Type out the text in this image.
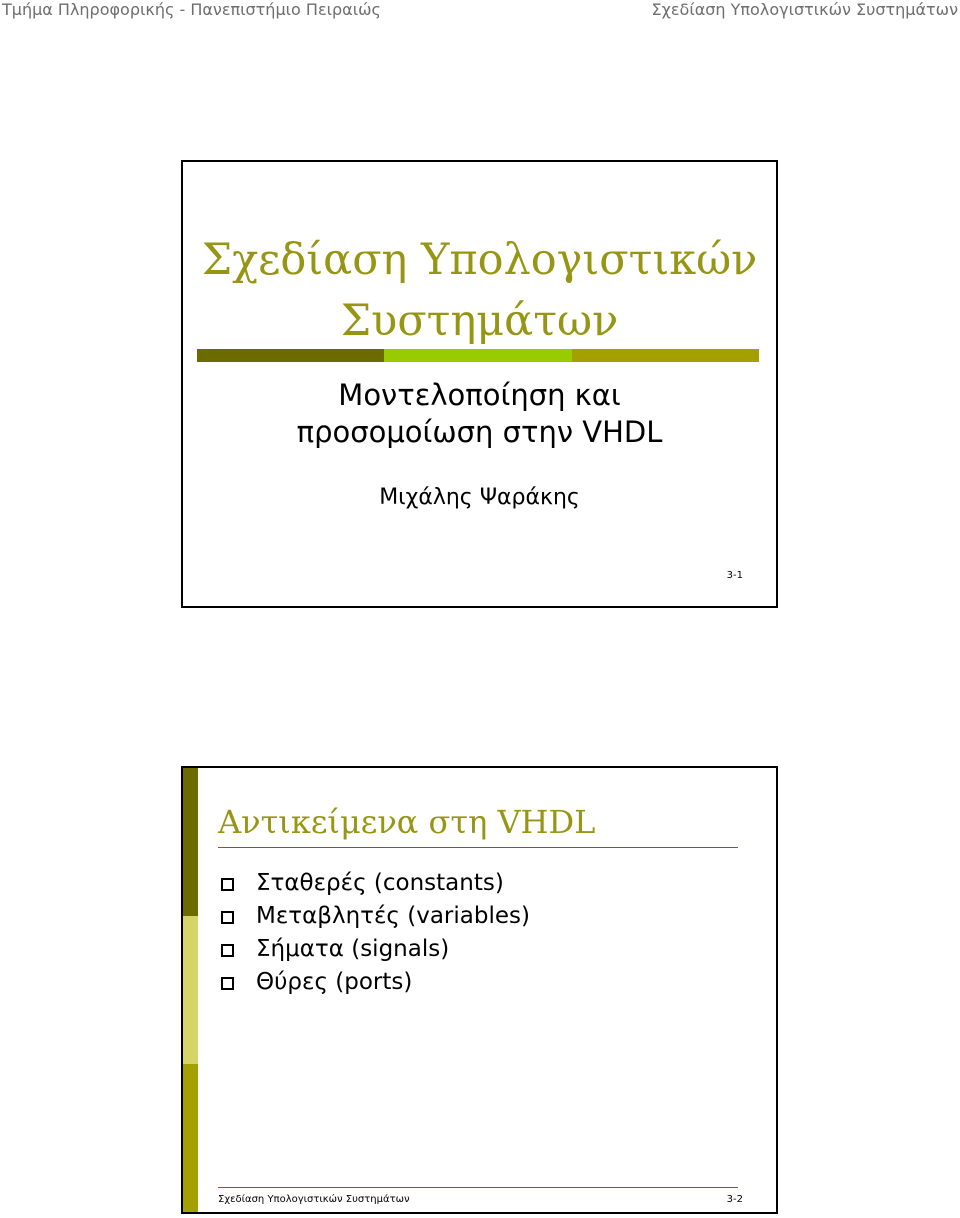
Τμήμα Πληροφορικής - Πανεπιστήμιο Πειραιώς	Σχεδίαση Υπολογιστικών Συστημάτων
Σχεδίαση Υπολογιστικών
Συστημάτων
Μοντελοποίηση και
προσομοίωση στην VHDL
Μιχάλης Ψαράκης
3-1
Αντικείμενα στη VHDL
Σταθερές (constants)
Μεταβλητές (variables)
Σήματα (signals)
Θύρες (ports)
Σχεδίαση Υπολογιστικών Συστημάτων	3-2
